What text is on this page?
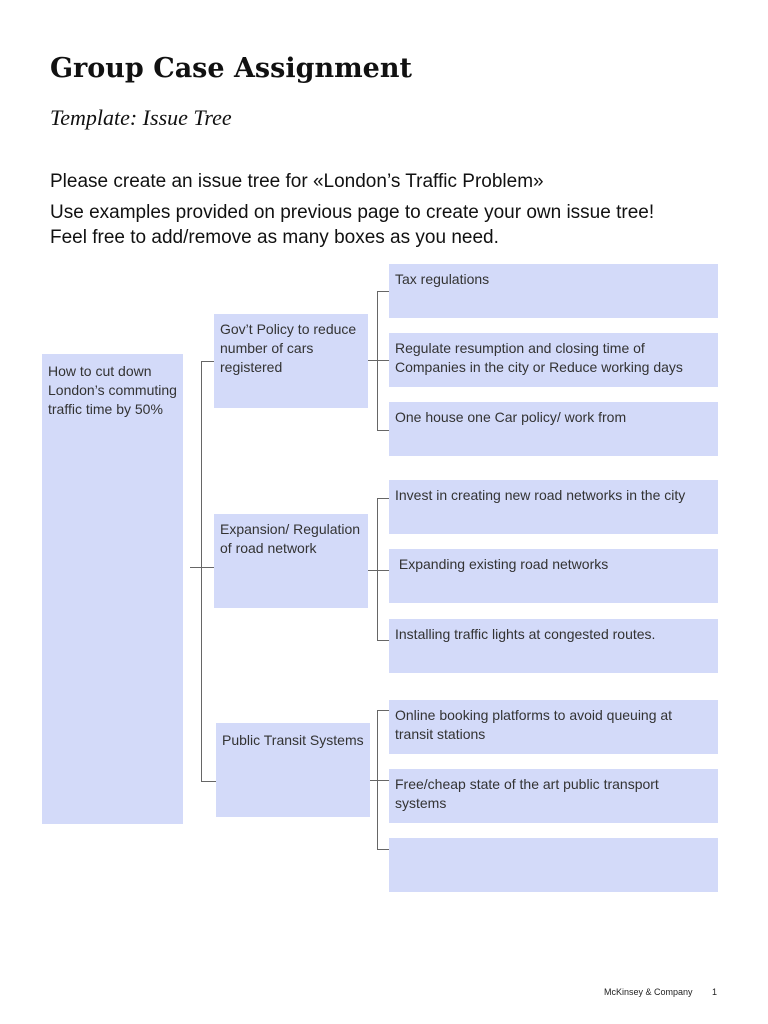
Group Case Assignment
Template: Issue Tree
Please create an issue tree for «London’s Traffic Problem»
Use examples provided on previous page to create your own issue tree!
Feel free to add/remove as many boxes as you need.
How to cut down London’s commuting traffic time by 50%
Gov’t Policy to reduce number of cars registered
Expansion/ Regulation of road network
Public Transit Systems
Tax regulations
Regulate resumption and closing time of Companies in the city or Reduce working days
One house one Car policy/ work from
Invest in creating new road networks in the city
Expanding existing road networks
Installing traffic lights at congested routes.
Online booking platforms to avoid queuing at transit stations
Free/cheap state of the art public transport systems
McKinsey & Company 1
